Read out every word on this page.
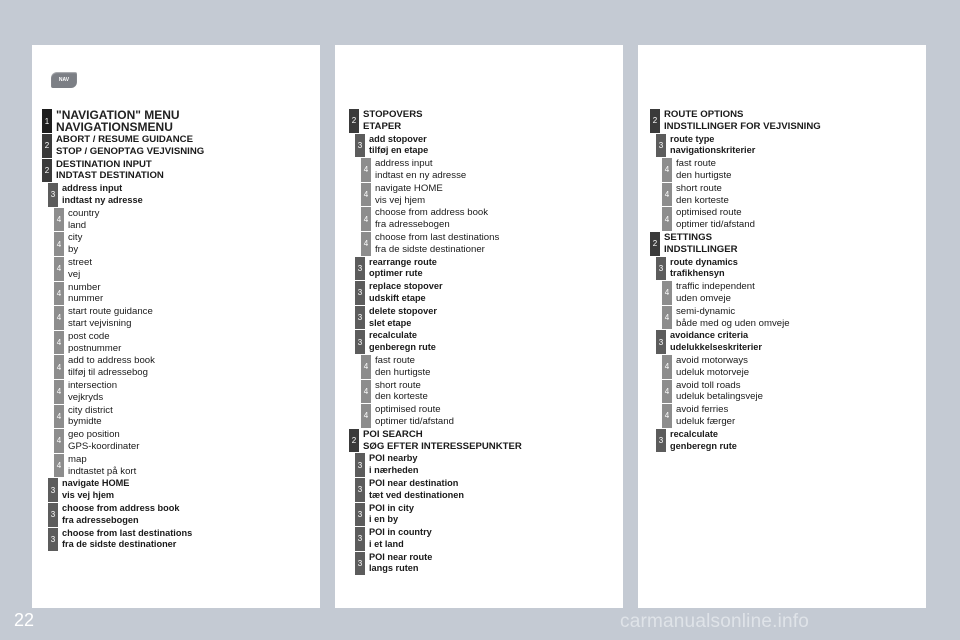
NAV
1 "NAVIGATION" MENU
NAVIGATIONSMENU
2
ABORT / RESUME GUIDANCE
STOP / GENOPTAG VEJVISNING
2
DESTINATION INPUT
INDTAST DESTINATION
3
address input
indtast ny adresse
4
country
land
4
city
by
4
street
vej
4
number
nummer
4
start route guidance
start vejvisning
4
post code
postnummer
4
add to address book
tilføj til adressebog
4
intersection
vejkryds
4
city district
bymidte
4
geo position
GPS-koordinater
4
map
indtastet på kort
3
navigate HOME
vis vej hjem
3
choose from address book
fra adressebogen
3
choose from last destinations
fra de sidste destinationer
2
STOPOVERS
ETAPER
3
add stopover
tilføj en etape
4
address input
indtast en ny adresse
4
navigate HOME
vis vej hjem
4
choose from address book
fra adressebogen
4
choose from last destinations
fra de sidste destinationer
3
rearrange route
optimer rute
3
replace stopover
udskift etape
3
delete stopover
slet etape
3
recalculate
genberegn rute
4
fast route
den hurtigste
4
short route
den korteste
4
optimised route
optimer tid/afstand
2
POI SEARCH
SØG EFTER INTERESSEPUNKTER
3
POI nearby
i nærheden
3
POI near destination
tæt ved destinationen
3
POI in city
i en by
3
POI in country
i et land
3
POI near route
langs ruten
2
ROUTE OPTIONS
INDSTILLINGER FOR VEJVISNING
3
route type
navigationskriterier
4
fast route
den hurtigste
4
short route
den korteste
4
optimised route
optimer tid/afstand
2
SETTINGS
INDSTILLINGER
3
route dynamics
trafikhensyn
4
traffic independent
uden omveje
4
semi-dynamic
både med og uden omveje
3
avoidance criteria
udelukkelseskriterier
4
avoid motorways
udeluk motorveje
4
avoid toll roads
udeluk betalingsveje
4
avoid ferries
udeluk færger
3
recalculate
genberegn rute
22	carmanualsonline.info
